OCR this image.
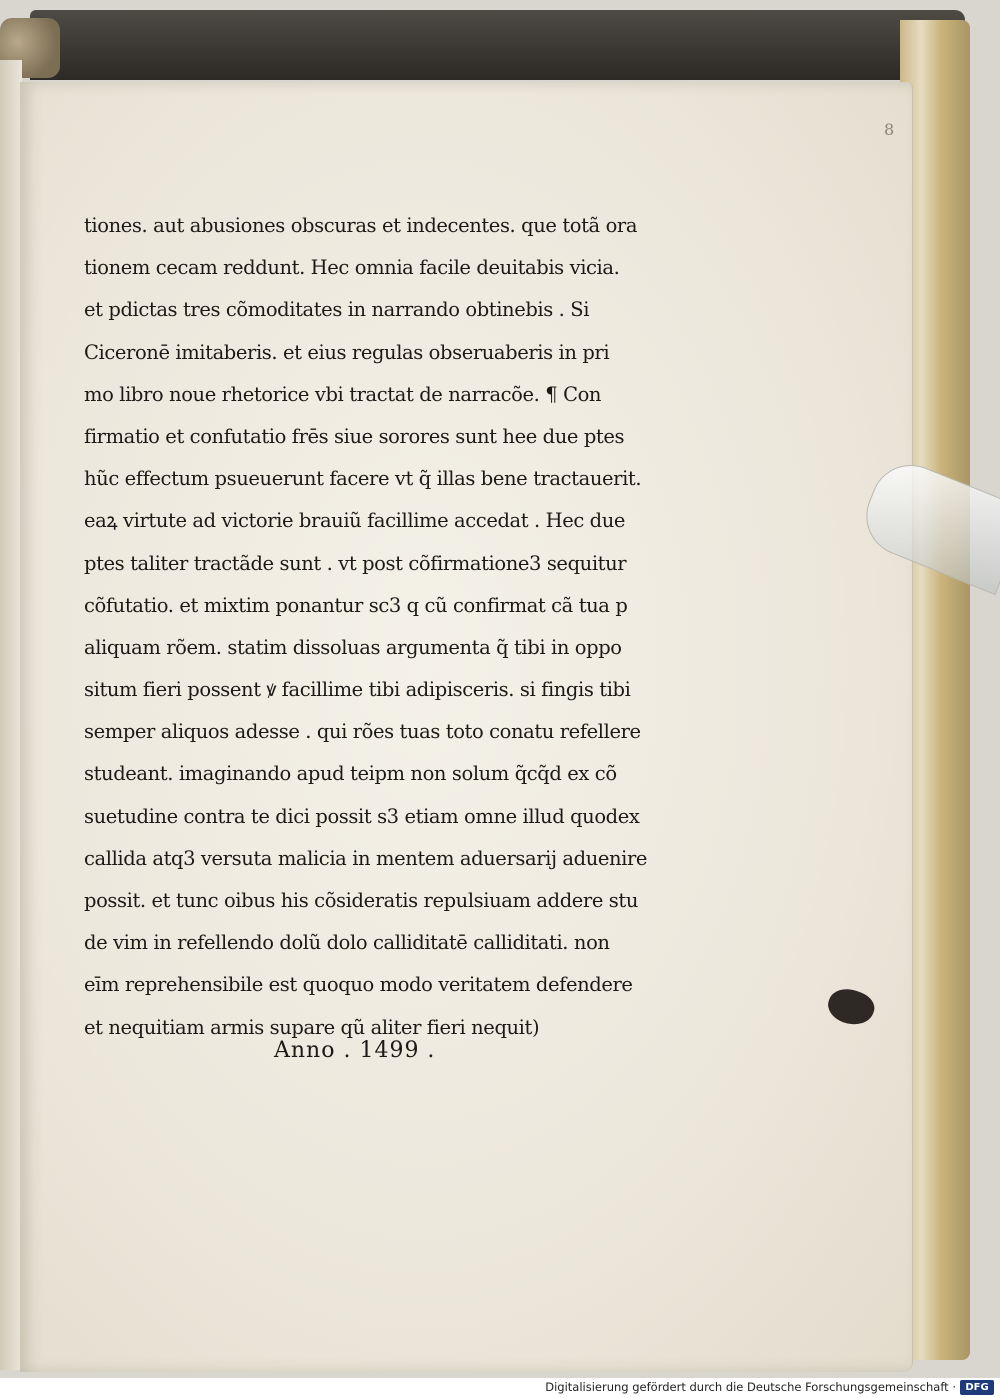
8
tiones. aut abusiones obscuras et indecentes. que totã ora
tionem cecam reddunt. Hec omnia facile deuitabis vicia.
et pdictas tres cõmoditates in narrando obtinebis . Si
Ciceronē imitaberis. et eius regulas obseruaberis in pri
mo libro noue rhetorice vbi tractat de narracõe. ¶ Con
firmatio et confutatio frēs siue sorores sunt hee due ptes
hũc effectum psueuerunt facere vt q̃ illas bene tractauerit.
eaꝝ virtute ad victorie brauiũ facillime accedat . Hec due
ptes taliter tractãde sunt . vt post cõfirmatione3 sequitur
cõfutatio. et mixtim ponantur sc3 q cũ confirmat cã tua p
aliquam rõem. statim dissoluas argumenta q̃ tibi in oppo
situm fieri possent ꝟ facillime tibi adipisceris. si fingis tibi
semper aliquos adesse . qui rões tuas toto conatu refellere
studeant. imaginando apud teipm non solum q̃cq̃d ex cõ
suetudine contra te dici possit s3 etiam omne illud quodex
callida atq3 versuta malicia in mentem aduersarij aduenire
possit. et tunc oibus his cõsideratis repulsiuam addere stu
de vim in refellendo dolũ dolo calliditatē calliditati. non
eīm reprehensibile est quoquo modo veritatem defendere
et nequitiam armis supare qũ aliter fieri nequit)
Anno . 1499 .
Digitalisierung gefördert durch die Deutsche Forschungsgemeinschaft · DFG
